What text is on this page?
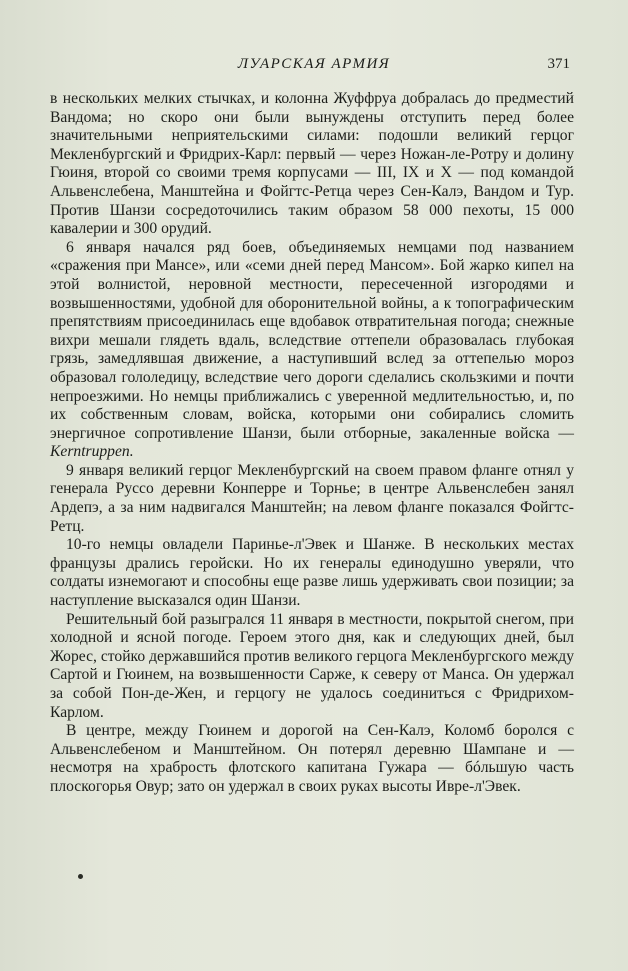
ЛУАРСКАЯ АРМИЯ	371

в нескольких мелких стычках, и колонна Жуффруа добралась до предместий Вандома; но скоро они были вынуждены отступить перед более значительными неприятельскими силами: подошли великий герцог Мекленбургский и Фридрих-Карл: первый — через Ножан-ле-Ротру и долину Гюиня, второй со своими тремя корпусами — III, IX и X — под командой Альвенслебена, Манштейна и Фойгтс-Ретца через Сен-Калэ, Вандом и Тур. Против Шанзи сосредоточились таким образом 58 000 пехоты, 15 000 кавалерии и 300 орудий.

6 января начался ряд боев, объединяемых немцами под названием «сражения при Мансе», или «семи дней перед Мансом». Бой жарко кипел на этой волнистой, неровной местности, пересеченной изгородями и возвышенностями, удобной для оборонительной войны, а к топографическим препятствиям присоединилась еще вдобавок отвратительная погода; снежные вихри мешали глядеть вдаль, вследствие оттепели образовалась глубокая грязь, замедлявшая движение, а наступивший вслед за оттепелью мороз образовал гололедицу, вследствие чего дороги сделались скользкими и почти непроезжими. Но немцы приближались с уверенной медлительностью, и, по их собственным словам, войска, которыми они собирались сломить энергичное сопротивление Шанзи, были отборные, закаленные войска — Kerntruppen.

9 января великий герцог Мекленбургский на своем правом фланге отнял у генерала Руссо деревни Конперре и Торнье; в центре Альвенслебен занял Ардепэ, а за ним надвигался Манштейн; на левом фланге показался Фойгтс-Ретц.

10-го немцы овладели Париньe-л'Эвек и Шанже. В нескольких местах французы дрались геройски. Но их генералы единодушно уверяли, что солдаты изнемогают и способны еще разве лишь удерживать свои позиции; за наступление высказался один Шанзи.

Решительный бой разыгрался 11 января в местности, покрытой снегом, при холодной и ясной погоде. Героем этого дня, как и следующих дней, был Жорес, стойко державшийся против великого герцога Мекленбургского между Сартой и Гюинем, на возвышенности Сарже, к северу от Манса. Он удержал за собой Пон-де-Жен, и герцогу не удалось соединиться с Фридрихом-Карлом.

В центре, между Гюинем и дорогой на Сен-Калэ, Коломб боролся с Альвенслебеном и Манштейном. Он потерял деревню Шампане и — несмотря на храбрость флотского капитана Гужара — бóльшую часть плоскогорья Овур; зато он удержал в своих руках высоты Ивре-л'Эвек.
